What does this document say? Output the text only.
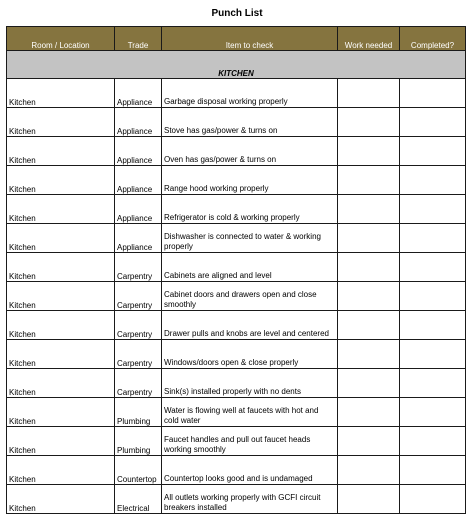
Punch List
Room / Location	Trade	Item to check	Work needed	Completed?
KITCHEN				
Kitchen	Appliance	Garbage disposal working properly		
Kitchen	Appliance	Stove has gas/power & turns on		
Kitchen	Appliance	Oven has gas/power & turns on		
Kitchen	Appliance	Range hood working properly		
Kitchen	Appliance	Refrigerator is cold & working properly		
Kitchen	Appliance	Dishwasher is connected to water & working properly		
Kitchen	Carpentry	Cabinets are aligned and level		
Kitchen	Carpentry	Cabinet doors and drawers open and close smoothly		
Kitchen	Carpentry	Drawer pulls and knobs are level and centered		
Kitchen	Carpentry	Windows/doors open & close properly		
Kitchen	Carpentry	Sink(s) installed properly with no dents		
Kitchen	Plumbing	Water is flowing well at faucets with hot and cold water		
Kitchen	Plumbing	Faucet handles and pull out faucet heads working smoothly		
Kitchen	Countertop	Countertop looks good and is undamaged		
Kitchen	Electrical	All outlets working properly with GCFI circuit breakers installed		
